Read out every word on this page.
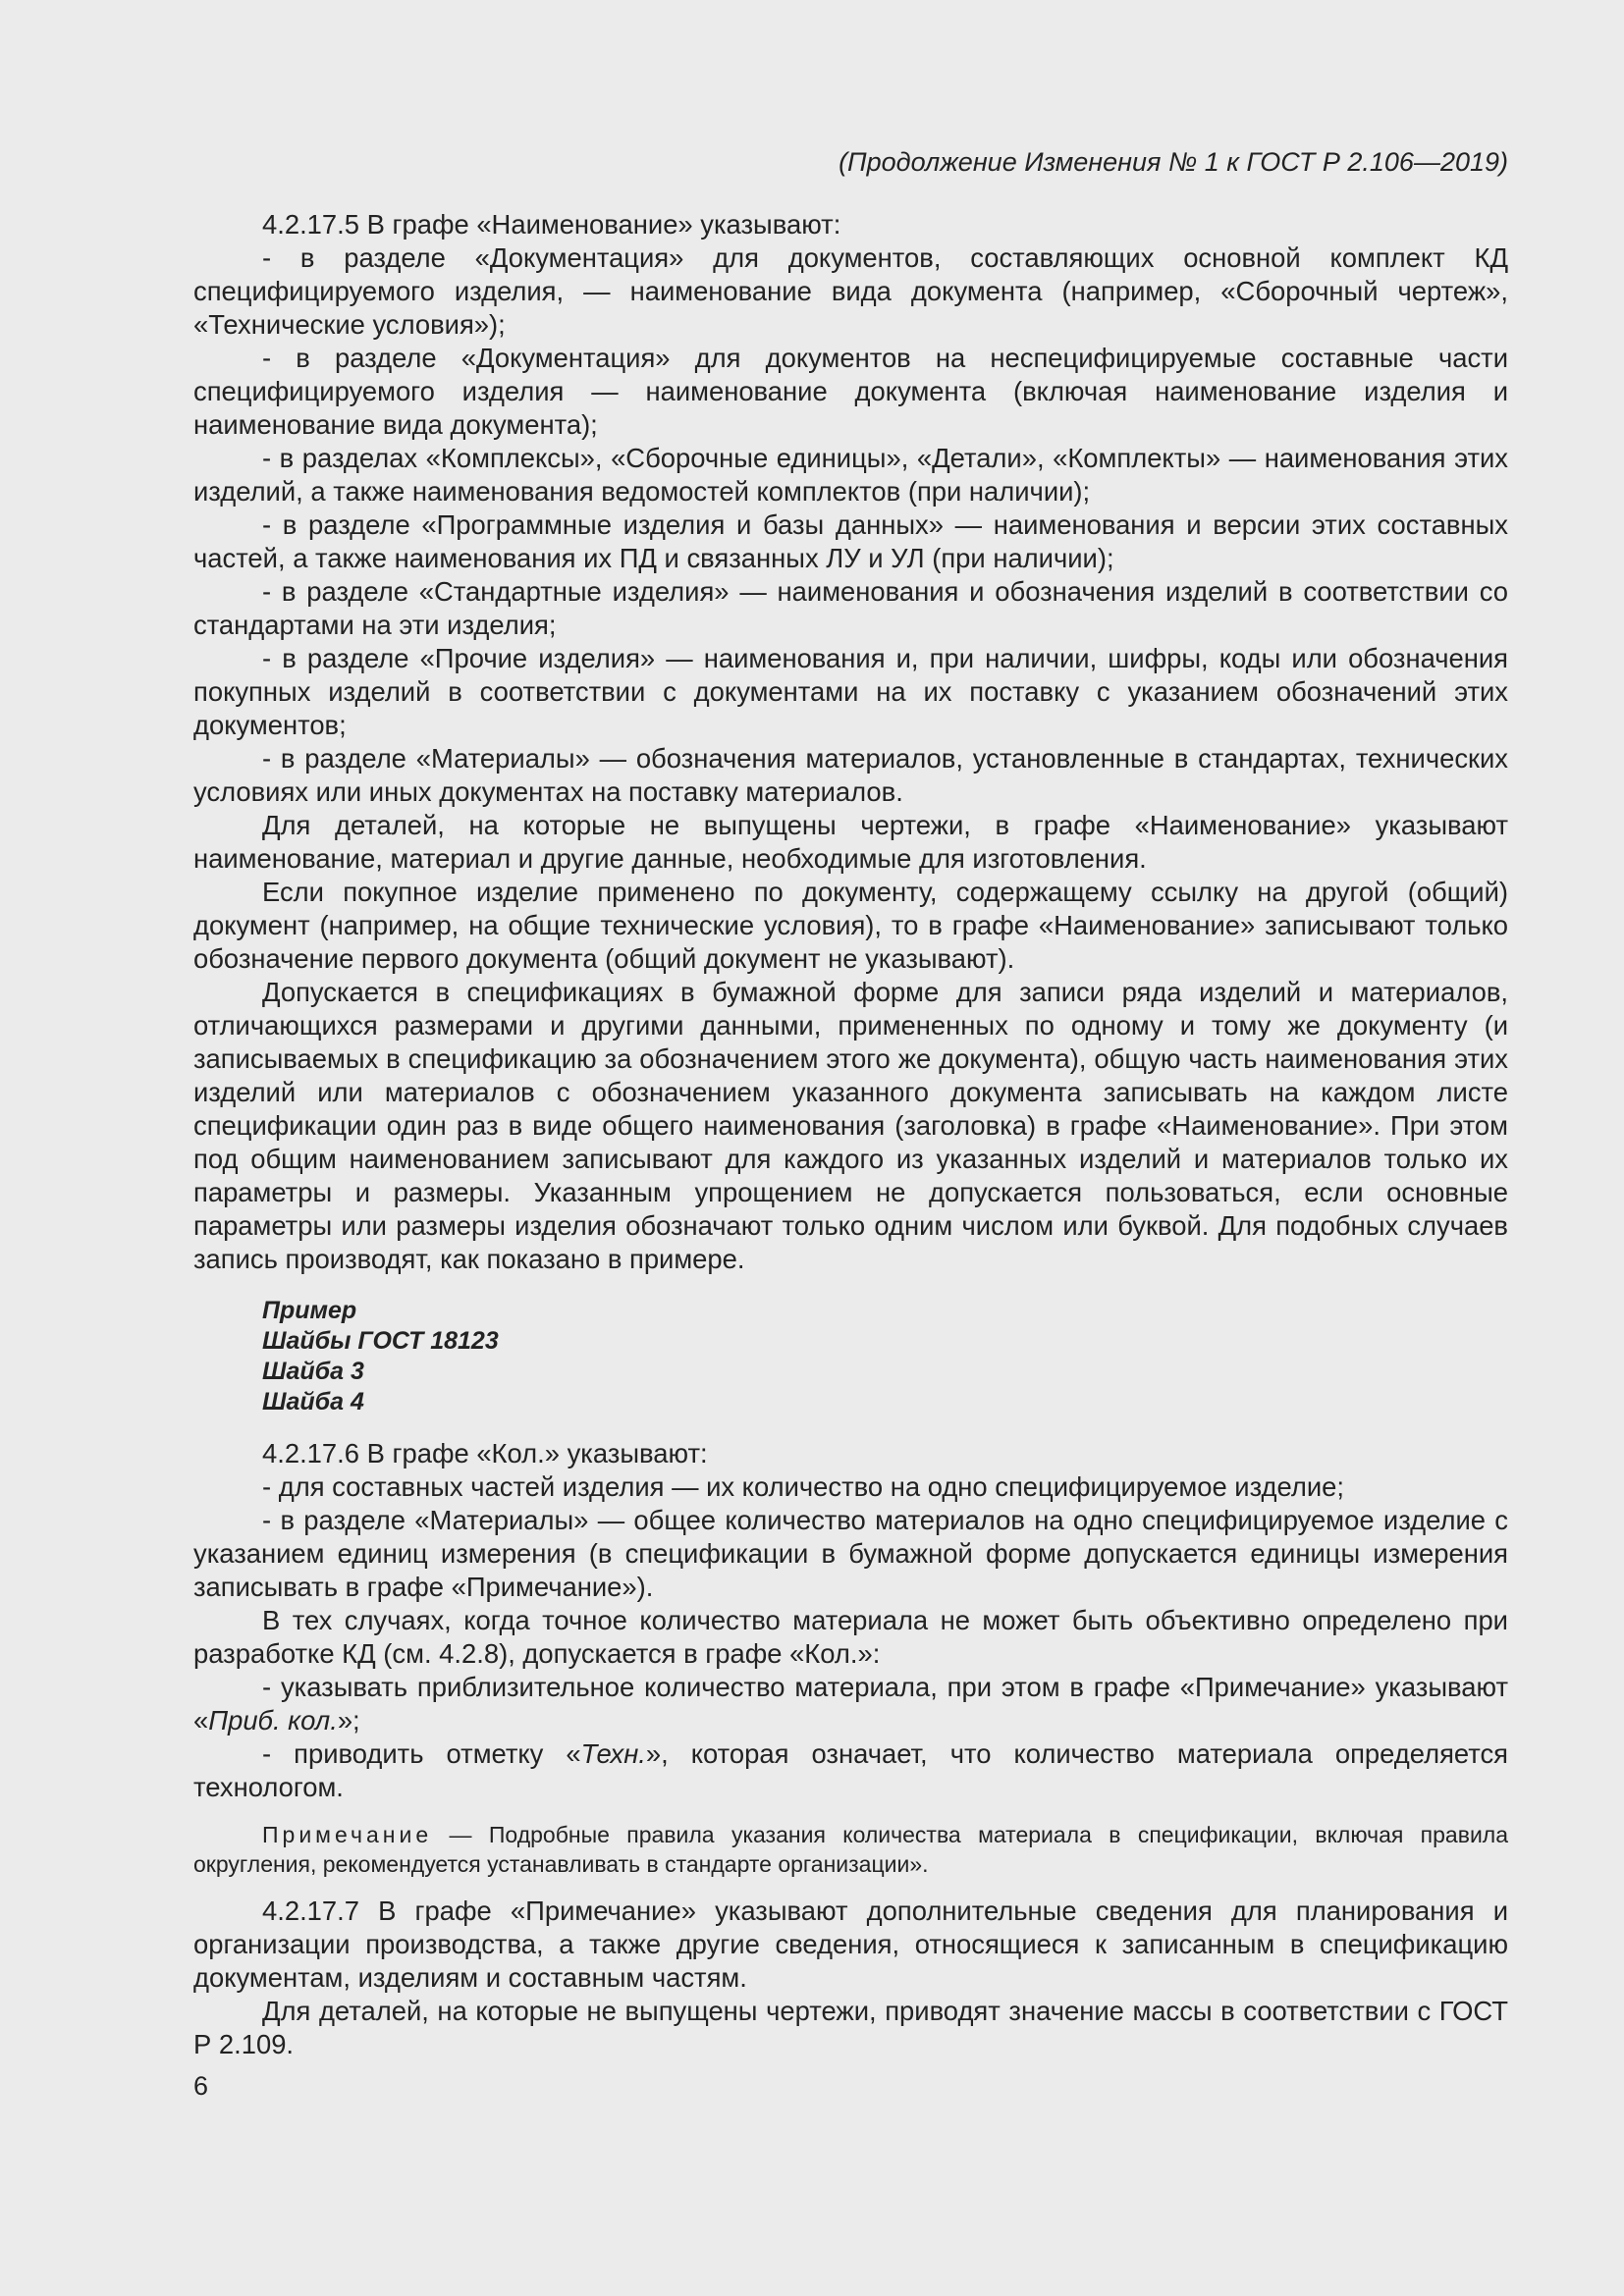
(Продолжение Изменения № 1 к ГОСТ Р 2.106—2019)

4.2.17.5 В графе «Наименование» указывают:

- в разделе «Документация» для документов, составляющих основной комплект КД специфицируемого изделия, — наименование вида документа (например, «Сборочный чертеж», «Технические условия»);

- в разделе «Документация» для документов на неспецифицируемые составные части специфицируемого изделия — наименование документа (включая наименование изделия и наименование вида документа);

- в разделах «Комплексы», «Сборочные единицы», «Детали», «Комплекты» — наименования этих изделий, а также наименования ведомостей комплектов (при наличии);

- в разделе «Программные изделия и базы данных» — наименования и версии этих составных частей, а также наименования их ПД и связанных ЛУ и УЛ (при наличии);

- в разделе «Стандартные изделия» — наименования и обозначения изделий в соответствии со стандартами на эти изделия;

- в разделе «Прочие изделия» — наименования и, при наличии, шифры, коды или обозначения покупных изделий в соответствии с документами на их поставку с указанием обозначений этих документов;

- в разделе «Материалы» — обозначения материалов, установленные в стандартах, технических условиях или иных документах на поставку материалов.

Для деталей, на которые не выпущены чертежи, в графе «Наименование» указывают наименование, материал и другие данные, необходимые для изготовления.

Если покупное изделие применено по документу, содержащему ссылку на другой (общий) документ (например, на общие технические условия), то в графе «Наименование» записывают только обозначение первого документа (общий документ не указывают).

Допускается в спецификациях в бумажной форме для записи ряда изделий и материалов, отличающихся размерами и другими данными, примененных по одному и тому же документу (и записываемых в спецификацию за обозначением этого же документа), общую часть наименования этих изделий или материалов с обозначением указанного документа записывать на каждом листе спецификации один раз в виде общего наименования (заголовка) в графе «Наименование». При этом под общим наименованием записывают для каждого из указанных изделий и материалов только их параметры и размеры. Указанным упрощением не допускается пользоваться, если основные параметры или размеры изделия обозначают только одним числом или буквой. Для подобных случаев запись производят, как показано в примере.

Пример
Шайбы ГОСТ 18123
Шайба 3
Шайба 4

4.2.17.6 В графе «Кол.» указывают:

- для составных частей изделия — их количество на одно специфицируемое изделие;

- в разделе «Материалы» — общее количество материалов на одно специфицируемое изделие с указанием единиц измерения (в спецификации в бумажной форме допускается единицы измерения записывать в графе «Примечание»).

В тех случаях, когда точное количество материала не может быть объективно определено при разработке КД (см. 4.2.8), допускается в графе «Кол.»:

- указывать приблизительное количество материала, при этом в графе «Примечание» указывают «Приб. кол.»;

- приводить отметку «Техн.», которая означает, что количество материала определяется технологом.

Примечание — Подробные правила указания количества материала в спецификации, включая правила округления, рекомендуется устанавливать в стандарте организации».

4.2.17.7 В графе «Примечание» указывают дополнительные сведения для планирования и организации производства, а также другие сведения, относящиеся к записанным в спецификацию документам, изделиям и составным частям.

Для деталей, на которые не выпущены чертежи, приводят значение массы в соответствии с ГОСТ Р 2.109.

6
